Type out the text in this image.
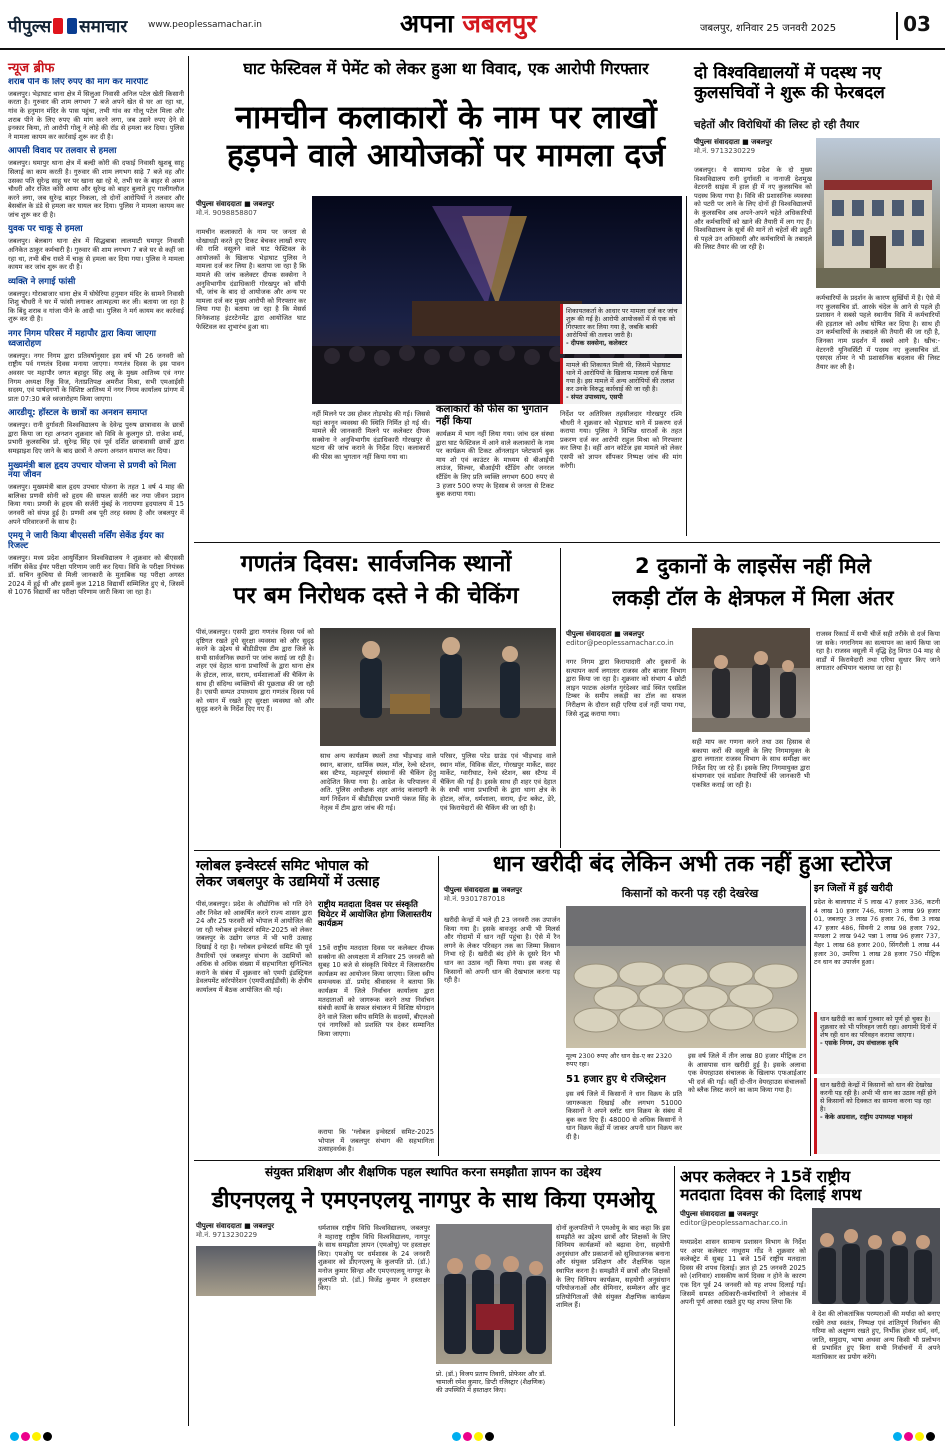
पीपुल्स समाचार www.peoplessamachar.in	अपना जबलपुर	जबलपुर, शनिवार 25 जनवरी 2025	03
न्यूज ब्रीफ
शराब पीने के लिए रुपए की मांग कर मारपीट
जबलपुर। भेड़ाघाट थाना क्षेत्र में सिलुआ निवासी अनिल पटेल खेती किसानी करता है। गुरुवार की शाम लगभग 7 बजे अपने खेत से घर आ रहा था, गांव के हनुमान मंदिर के पास पहुंचा, तभी गांव का गोलू पटेल मिला और शराब पीने के लिए रुपए की मांग करने लगा, जब उसने रुपए देने से इनकार किया, तो आरोपी गोलू ने लोहे की रॉड से हमला कर दिया। पुलिस ने मामला कायम कर कार्रवाई शुरू कर दी है।
आपसी विवाद पर तलवार से हमला
जबलपुर। घमापुर थाना क्षेत्र में बल्दी कोरी की दफाई निवासी खुशबू साहू सिलाई का काम करती है। गुरुवार की शाम लगभग साढ़े 7 बजे वह और उसका पति सुरेन्द्र साहू घर पर खाना खा रहे थे, तभी घर के बाहर से अमन चौधरी और रजित कोरी आया और सुरेन्द्र को बाहर बुलाते हुए गालीगलौज करने लगा, जब सुरेन्द्र बाहर निकला, तो दोनों आरोपियों ने तलवार और बेसबॉल के डंडे से हमला कर घायल कर दिया। पुलिस ने मामला कायम कर जांच शुरू कर दी है।
युवक पर चाकू से हमला
जबलपुर। बेलबाग थाना क्षेत्र में सिद्धबाबा लालमाटी घमापुर निवासी अनिकेत ठाकुर कर्मचारी है। गुरुवार की शाम लगभग 7 बजे घर से कहीं जा रहा था, तभी बीच रास्ते में चाकू से हमला कर दिया गया। पुलिस ने मामला कायम कर जांच शुरू कर दी है।
व्यक्ति ने लगाई फांसी
जबलपुर। गोराबाजार थाना क्षेत्र में घोघेरिया हनुमान मंदिर के सामने निवासी शिशु चौधरी ने घर में फांसी लगाकर आत्महत्या कर ली। बताया जा रहा है कि बिंदु शराब व गांजा पीने के आदी था। पुलिस ने मर्ग कायम कर कार्रवाई शुरू कर दी है।
नगर निगम परिसर में महापौर द्वारा किया जाएगा ध्वजारोहण
जबलपुर। नगर निगम द्वारा प्रतिवर्षानुसार इस वर्ष भी 26 जनवरी को राष्ट्रीय पर्व गणतंत्र दिवस मनाया जाएगा। गणतंत्र दिवस के इस पावन अवसर पर महापौर जगत बहादुर सिंह अन्नू के मुख्य आतिथ्य एवं नगर निगम अध्यक्ष रिंकु विज, नेताप्रतिपक्ष अमरीश मिश्रा, सभी एमआईसी सदस्य, एवं पार्षदगणों के विशिष्ट आतिथ्य में नगर निगम कार्यालय प्रांगण में प्रातः 07:30 बजे ध्वजारोहण किया जाएगा।
आरडीयू: हॉस्टल के छात्रों का अनशन समाप्त
जबलपुर। रानी दुर्गावती विश्वविद्यालय के देवेन्द्र पुरुष छात्रावास के छात्रों द्वारा किया जा रहा अनशन शुक्रवार को विवि के कुलगुरु प्रो. राजेश वर्मा, प्रभारी कुलसचिव प्रो. सुरेन्द्र सिंह एवं पूर्व दर्शित छात्रावासी छात्रों द्वारा समझाइश दिए जाने के बाद छात्रों ने अपना अनशन समाप्त कर दिया।
मुख्यमंत्री बाल हृदय उपचार योजना से प्रणवी को मिला नया जीवन
जबलपुर। मुख्यमंत्री बाल हृदय उपचार योजना के तहत 1 वर्ष 4 माह की बालिका प्रणवी सोनी को हृदय की सफल सर्जरी कर नया जीवन प्रदान किया गया। प्रणवी के हृदय की सर्जरी मुंबई के नारायणा हृदयालय में 15 जनवरी को संपन्न हुई है। प्रणवी अब पूरी तरह स्वस्थ है और जबलपुर में अपने परिवारजनों के साथ है।
एमयू ने जारी किया बीएससी नर्सिंग सेकेंड ईयर का रिजल्ट
जबलपुर। मध्य प्रदेश आयुर्विज्ञान विश्वविद्यालय ने शुक्रवार को बीएससी नर्सिंग सेकेंड ईयर परीक्षा परिणाम जारी कर दिया। विवि के परीक्षा नियंत्रक डॉ. सचिन कुचिया से मिली जानकारी के मुताबिक यह परीक्षा अगस्त 2024 में हुई थी और इसमें कुल 1218 विद्यार्थी सम्मिलित हुए थे, जिसमें से 1076 विद्यार्थी का परीक्षा परिणाम जारी किया जा रहा है।
घाट फेस्टिवल में पेमेंट को लेकर हुआ था विवाद, एक आरोपी गिरफ्तार
नामचीन कलाकारों के नाम पर लाखों
हड़पने वाले आयोजकों पर मामला दर्ज
पीपुल्स संवाददाता ■ जबलपुर
मो.नं. 9098858807
नामचीन कलाकारों के नाम पर जनता से धोखाधड़ी करते हुए टिकट बेचकर लाखों रुपए की राशि वसूलने वाले घाट फेस्टिवल के आयोजकों के खिलाफ भेड़ाघाट पुलिस ने मामला दर्ज कर लिया है। बताया जा रहा है कि मामले की जांच कलेक्टर दीपक सक्सेना ने अनुविभागीय दंडाधिकारी गोरखपुर को सौंपी थी, जांच के बाद दो आयोजक और अन्य पर मामला दर्ज कर मुख्य आरोपी को गिरफ्तार कर लिया गया है। बताया जा रहा है कि मेसर्स विनेकशाह इंटरटेनमेंट द्वारा आयोजित घाट फेस्टिवल का शुभारंभ हुआ था।
नहीं मिलने पर उस होकर तोड़फोड़ की गई। जिससे यहां कानून व्यवस्था की स्थिति निर्मित हो गई थी। मामले की जानकारी मिलने पर कलेक्टर दीपक सक्सेना ने अनुविभागीय दंडाधिकारी गोरखपुर से घटना की जांच कराने के निर्देश दिए। कलाकारों की फीस का भुगतान नहीं किया गया था।
कलाकारों की फीस का भुगतान नहीं किया
कार्यक्रम में भाग नहीं लिया गया। जांच दल संस्था द्वारा घाट फेस्टिवल में आने वाले कलाकारों के नाम पर कार्यक्रम की टिकट ऑनलाइन प्लेटफार्म बुक माय शो एवं काउंटर के माध्यम से बीआईपी लाउंज, सिल्वर, बीआईपी स्टैंडिंग और जनरल स्टैंडिंग के लिए प्रति व्यक्ति लगभग 600 रुपए से 3 हजार 500 रुपए के हिसाब से जनता से टिकट बुक कराया गया।
निर्देश पर अतिरिक्त तहसीलदार गोरखपुर रश्मि चौधरी ने शुक्रवार को भेड़ाघाट थाने में प्रकरण दर्ज कराया गया। पुलिस ने विभिन्न धाराओं के तहत प्रकरण दर्ज कर आरोपी राहुल मिश्रा को गिरफ्तार कर लिया है। वहीं आन कॉटेज इस मामले को लेकर एसपी को ज्ञापन सौंपकर निष्पक्ष जांच की मांग करेगी।
शिकायतकर्ता के आधार पर मामला दर्ज कर जांच शुरू की गई है। आरोपी आयोजकों में से एक को गिरफ्तार कर लिया गया है, जबकि बाकी आरोपियों की तलाश जारी है।
- दीपक सक्सेना, कलेक्टर
मामले की शिकायत मिली थी, जिसमें भेड़ाघाट थाने में आरोपियों के खिलाफ मामला दर्ज किया गया है। इस मामले में अन्य आरोपियों की तलाश कर उनके विरुद्ध कार्रवाई की जा रही है।
- संपत उपाध्याय, एसपी
दो विश्वविद्यालयों में पदस्थ नए
कुलसचिवों ने शुरू की फेरबदल
चहेतों और विरोधियों की लिस्ट हो रही तैयार
पीपुल्स संवाददाता ■ जबलपुर
मो.नं. 9713230229
जबलपुर। ये सामान्य प्रदेश के दो मुख्य विश्वविद्यालय रानी दुर्गावती व नानाजी देशमुख वेटरनरी साइंस में हाल ही में नए कुलसचिव को पदस्थ किया गया है। विवि की प्रशासनिक व्यवस्था को पटरी पर लाने के लिए दोनों ही विश्वविद्यालयों के कुलसचिव अब अपने-अपने चहेते अधिकारियों और कर्मचारियों को खाने की तैयारी में लग गए हैं। विश्वविद्यालय के सूत्रों की मानें तो चहेतों की ड्यूटी से पहले उन अधिकारी और कर्मचारियों के तबादले की लिस्ट तैयार की जा रही है।
कर्मचारियों के प्रदर्शन के कारण सुर्खियों में है। ऐसे में नए कुलसचिव डॉ. आरके चंदेल के आने से पहले ही प्रशासन ने सबसे पहले स्थानीय विवि में कर्मचारियों की हड़ताल को अवैध घोषित कर दिया है। साथ ही उन कर्मचारियों के तबादले की तैयारी की जा रही है, जिनका नाम प्रदर्शन में सबसे आगे है। खीच:- वेटरनरी यूनिवर्सिटी में पदस्थ नए कुलसचिव डॉ. एसएस तोमर ने भी प्रशासनिक बदलाव की लिस्ट तैयार कर ली है।
गणतंत्र दिवस: सार्वजनिक स्थानों
पर बम निरोधक दस्ते ने की चेकिंग
पीसं,जबलपुर। एसपी द्वारा गणतंत्र दिवस पर्व को दृष्टिगत रखते हुये सुरक्षा व्यवस्था को और सुदृढ़ करने के उद्देश्य से बीडीडीएस टीम द्वारा जिले के सभी सार्वजनिक स्थानों पर जांच कराई जा रही है। शहर एवं देहात थाना प्रभारियों के द्वारा थाना क्षेत्र के होटल, लाज, सराय, धर्मशालाओं की चैकिंग के साथ ही संदिग्ध व्यक्तियों की पूछताछ की जा रही है। एसपी सम्पत उपाध्याय द्वारा गणतंत्र दिवस पर्व को ध्यान में रखते हुए सुरक्षा व्यवस्था को और सुदृढ़ करने के निर्देश दिए गए हैं।
साथ अन्य कार्यक्रम स्थलों तथा भीड़भाड़ वाले स्थान, बाजार, धार्मिक स्थल, मॉल, रेल्वे स्टेशन, बस स्टैण्ड, महत्वपूर्ण संस्थानों की चैकिंग हेतु आदेशित किया गया है। आदेश के परिपालन में अति. पुलिस अधीक्षक शहर आनंद कलादगी के मार्ग निर्देशन में बीडीडीएस प्रभारी पंकज सिंह के नेतृत्व में टीम द्वारा जांच की गई।
परिसर, पुलिस परेड ग्राउंड एवं भीड़भाड़ वाले स्थान मॉल, विविक सेंटर, गोरखपुर मार्केट, सदर मार्केट, ग्वारीघाट, रेल्वे स्टेशन, बस स्टैण्ड में चैकिंग की गई है। इसके साथ ही शहर एवं देहात के सभी थाना प्रभारियों के द्वारा थाना क्षेत्र के होटल, लॉज, धर्मशाला, सराय, ईंन्ट बकेट, डेरे, एवं किरायेदारों की चैकिंग की जा रही है।
2 दुकानों के लाइसेंस नहीं मिले
लकड़ी टॉल के क्षेत्रफल में मिला अंतर
पीपुल्स संवाददाता ■ जबलपुर
editor@peoplessamachar.co.in
नगर निगम द्वारा किरायादारी और दुकानों के सत्यापन कार्य लगातार राजस्व और बाजार विभाग द्वारा किया जा रहा है। शुक्रवार को संभाग 4 छोटी लाइन फाटक अंतर्गत गुरंदेश्वर वार्ड स्थित एसडिल टिम्बर के समीप लकड़ी का टॉल का सफल निरीक्षण के दौरान सही एरिया दर्ज नहीं पाया गया, जिसे शुद्ध कराया गया।
सही माप कर गणना करने तथा उस हिसाब से बकाया करों की वसूली के लिए निगमायुक्त के द्वारा लगातार राजस्व विभाग के साथ समीक्षा कर निर्देश दिए जा रहे हैं। इसके लिए निगमायुक्त द्वारा संभागवार एवं वार्डवार तैयारियों की जानकारी भी एकत्रित कराई जा रही है।
राजस्व रिकार्ड में सभी चीजें सही तरीके से दर्ज किया जा सके। नगरनिगम का सत्यापन का कार्य किया जा रहा है। राजस्व वसूली में वृद्धि हेतु विगत 04 माह से वार्डों में किरायेदारी तथा एरिया सुधार किए जाने लगातार अभियान चलाया जा रहा है।
ग्लोबल इन्वेस्टर्स समिट भोपाल को
लेकर जबलपुर के उद्यमियों में उत्साह
पीसं,जबलपुर। प्रदेश के औद्योगिक को गति देने और निवेश को आकर्षित करने राज्य शासन द्वारा 24 और 25 फरवरी को भोपाल में आयोजित की जा रही ग्लोबल इन्वेस्टर्स समिट-2025 को लेकर जबलपुर के उद्योग जगत में भी भारी उत्साह दिखाई दे रहा है। ग्लोबल इन्वेस्टर्स समिट की पूर्व तैयारियों एवं जबलपुर संभाग के उद्यमियों को अधिक से अधिक संख्या में सहभागिता सुनिश्चित कराने के संबंध में शुक्रवार को एमपी इंडस्ट्रियल डेवलपमेंट कॉरपोरेशन (एमपीआईडीसी) के क्षेत्रीय कार्यालय में बैठक आयोजित की गई।
राष्ट्रीय मतदाता दिवस पर संस्कृति थियेटर में आयोजित होगा जिलास्तरीय कार्यक्रम
15वें राष्ट्रीय मतदाता दिवस पर कलेक्टर दीपक सक्सेना की अध्यक्षता में शनिवार 25 जनवरी को सुबह 10 बजे से संस्कृति थियेटर में जिलास्तरीय कार्यक्रम का आयोजन किया जाएगा। जिला स्वीप समन्वयक डॉ. प्रमोद श्रीवास्तव ने बताया कि कार्यक्रम में जिले निर्वाचन कार्यालय द्वारा मतदाताओं को जागरूक करने तथा निर्वाचन संबंधी कार्यों के सफल संचालन में विशिष्ट योगदान देने वाले जिला स्वीप समिति के सदस्यों, बीएलओ एवं नागरिकों को प्रशस्ति पत्र देकर सम्मानित किया जाएगा।
कराया कि 'ग्लोबल इन्वेस्टर्स समिट-2025 भोपाल में जबलपुर संभाग की सहभागिता उत्साहवर्धक है।
धान खरीदी बंद लेकिन अभी तक नहीं हुआ स्टोरेज
किसानों को करनी पड़ रही देखरेख
पीपुल्स संवाददाता ■ जबलपुर
मो.नं. 9301787018
खरीदी केन्द्रों में भले ही 23 जनवरी तक उपार्जन किया गया है। इसके बावजूद अभी भी मिलर्स और गोदामों में धान नहीं पहुंचा है। ऐसे में रैन लगने के लेकर परिवहन तक का जिम्मा किसान निभा रहे हैं। खरीदी बंद होने के दूसरे दिन भी धान का उठाव नहीं किया गया। इस वजह से किसानों को अपनी धान की देखभाल करना पड़ रही है।
मूल्य 2300 रुपए और धान ग्रेड-ए का 2320 रुपए रहा।
51 हजार हुए थे रजिस्ट्रेशन
इस वर्ष जिले में किसानों ने धान विक्रय के प्रति जागरूकता दिखाई और लगभग 51000 किसानों ने अपने स्लॉट धान विक्रय के संबंध में बुक करा दिए हैं। 48000 से अधिक किसानों ने धान विक्रय केंद्रों में जाकर अपनी धान विक्रय कर दी है।
इस वर्ष जिले में तीन लाख 80 हजार मीट्रिक टन के आसपास धान खरीदी हुई है। इसके अलावा एक वेयरहाउस संचालक के खिलाफ एफआईआर भी दर्ज की गई। वहीं दो-तीन वेयरहाउस संचालकों को ब्लैक लिस्ट करने का काम किया गया है।
इन जिलों में हुई खरीदी
प्रदेश के बालाघाट में 5 लाख 47 हजार 336, कटनी 4 लाख 10 हजार 746, सतना 3 लाख 99 हजार 01, जबलपुर 3 लाख 76 हजार 76, रीवा 3 लाख 47 हजार 486, सिवनी 2 लाख 98 हजार 792, मण्डला 2 लाख 942 पन्ना 1 लाख 96 हजार 737, मैहर 1 लाख 68 हजार 200, सिंगरौली 1 लाख 44 हजार 30, उमरिया 1 लाख 28 हजार 750 मीट्रिक टन धान का उपार्जन हुआ।
धान खरीदी का कार्य गुरुवार को पूर्ण हो चुका है। शुक्रवार को भी परिवहन जारी रहा। आगामी दिनों में शेष रही धान का परिवहन कराया जाएगा।
- एसके निगम, उप संचालक कृषि
धान खरीदी केन्द्रों में किसानों को धान की देखरेख करनी पड़ रही है। अभी भी धान का उठाव नहीं होने से किसानों को दिक्कत का सामना करना पड़ रहा है।
- केके अग्रवाल, राष्ट्रीय उपाध्यक्ष भाकृसं
संयुक्त प्रशिक्षण और शैक्षणिक पहल स्थापित करना समझौता ज्ञापन का उद्देश्य
डीएनएलयू ने एमएनएलयू नागपुर के साथ किया एमओयू
पीपुल्स संवाददाता ■ जबलपुर
मो.नं. 9713230229
धर्मशास्त्र राष्ट्रीय विधि विश्वविद्यालय, जबलपुर ने महाराष्ट्र राष्ट्रीय विधि विश्वविद्यालय, नागपुर के साथ समझौता ज्ञापन (एमओयू) पर हस्ताक्षर किए। एमओयू पर धर्मशास्त्र के 24 जनवरी शुक्रवार को डीएनएलयू के कुलपति प्रो. (डॉ.) मनोज कुमार सिन्हा और एमएनएलयू नागपुर के कुलपति प्रो. (डॉ.) विजेंद्र कुमार ने हस्ताक्षर किए।
प्रो. (डॉ.) विजय प्रताप तिवारी, प्रोफेसर और डॉ. चामाली रमेश कुमार, डिप्टी रजिस्ट्रार (शैक्षणिक) की उपस्थिति में हस्ताक्षर किए।
दोनों कुलपतियों ने एमओयू के बाद कहा कि इस समझौते का उद्देश्य छात्रों और शिक्षकों के लिए विनिमय कार्यक्रमों को बढ़ावा देना, सहयोगी अनुसंधान और प्रकाशनों को सुविधाजनक बनाना और संयुक्त प्रशिक्षण और शैक्षणिक पहल स्थापित करना है। समझौते में छात्रों और शिक्षकों के लिए विनिमय कार्यक्रम, सहयोगी अनुसंधान परियोजनाओं और सेमिनार, सम्मेलन और कुट प्रतियोगिताओं जैसे संयुक्त शैक्षणिक कार्यक्रम शामिल हैं।
अपर कलेक्टर ने 15वें राष्ट्रीय
मतदाता दिवस की दिलाई शपथ
पीपुल्स संवाददाता ■ जबलपुर
editor@peoplessamachar.co.in
मध्यप्रदेश शासन सामान्य प्रशासन विभाग के निर्देश पर अपर कलेक्टर नाथूराम गोंड ने शुक्रवार को कलेक्ट्रेट में सुबह 11 बजे 15वें राष्ट्रीय मतदाता दिवस की शपथ दिलाई। ज्ञात हो 25 जनवरी 2025 को (शनिवार) शासकीय कार्य दिवस न होने के कारण एक दिन पूर्व 24 जनवरी को यह शपथ दिलाई गई। जिसमें समस्त अधिकारी-कर्मचारियों ने लोकतंत्र में अपनी पूर्ण आस्था रखते हुए यह शपथ लिया कि
वे देश की लोकतांत्रिक परम्पराओं की मर्यादा को बनाए रखेंगे तथा स्वतंत्र, निष्पक्ष एवं शांतिपूर्ण निर्वाचन की गरिमा को अक्षुण्ण रखते हुए, निर्भीक होकर धर्म, वर्ग, जाति, समुदाय, भाषा अथवा अन्य किसी भी प्रलोभन से प्रभावित हुए बिना सभी निर्वाचनों में अपने मताधिकार का प्रयोग करेंगे।
